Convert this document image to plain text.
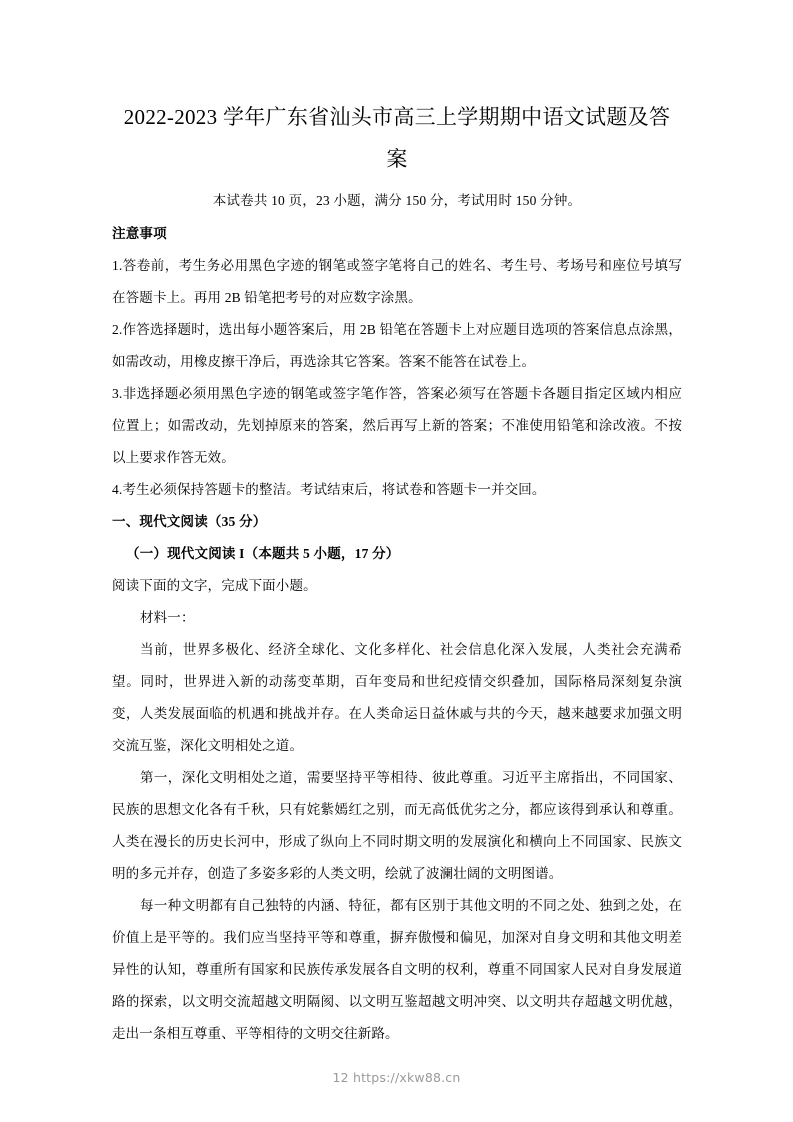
2022-2023 学年广东省汕头市高三上学期期中语文试题及答案

本试卷共 10 页，23 小题，满分 150 分，考试用时 150 分钟。

注意事项

1.答卷前，考生务必用黑色字迹的钢笔或签字笔将自己的姓名、考生号、考场号和座位号填写在答题卡上。再用 2B 铅笔把考号的对应数字涂黑。

2.作答选择题时，选出每小题答案后，用 2B 铅笔在答题卡上对应题目选项的答案信息点涂黑，如需改动，用橡皮擦干净后，再选涂其它答案。答案不能答在试卷上。

3.非选择题必须用黑色字迹的钢笔或签字笔作答，答案必须写在答题卡各题目指定区域内相应位置上；如需改动，先划掉原来的答案，然后再写上新的答案；不准使用铅笔和涂改液。不按以上要求作答无效。

4.考生必须保持答题卡的整洁。考试结束后，将试卷和答题卡一并交回。

一、现代文阅读（35 分）

（一）现代文阅读 I（本题共 5 小题，17 分）

阅读下面的文字，完成下面小题。

材料一：

当前，世界多极化、经济全球化、文化多样化、社会信息化深入发展，人类社会充满希望。同时，世界进入新的动荡变革期，百年变局和世纪疫情交织叠加，国际格局深刻复杂演变，人类发展面临的机遇和挑战并存。在人类命运日益休戚与共的今天，越来越要求加强文明交流互鉴，深化文明相处之道。

第一，深化文明相处之道，需要坚持平等相待、彼此尊重。习近平主席指出，不同国家、民族的思想文化各有千秋，只有姹紫嫣红之别，而无高低优劣之分，都应该得到承认和尊重。人类在漫长的历史长河中，形成了纵向上不同时期文明的发展演化和横向上不同国家、民族文明的多元并存，创造了多姿多彩的人类文明，绘就了波澜壮阔的文明图谱。

每一种文明都有自己独特的内涵、特征，都有区别于其他文明的不同之处、独到之处，在价值上是平等的。我们应当坚持平等和尊重，摒弃傲慢和偏见，加深对自身文明和其他文明差异性的认知，尊重所有国家和民族传承发展各自文明的权利，尊重不同国家人民对自身发展道路的探索，以文明交流超越文明隔阂、以文明互鉴超越文明冲突、以文明共存超越文明优越，走出一条相互尊重、平等相待的文明交往新路。

12 https://xkw88.cn
